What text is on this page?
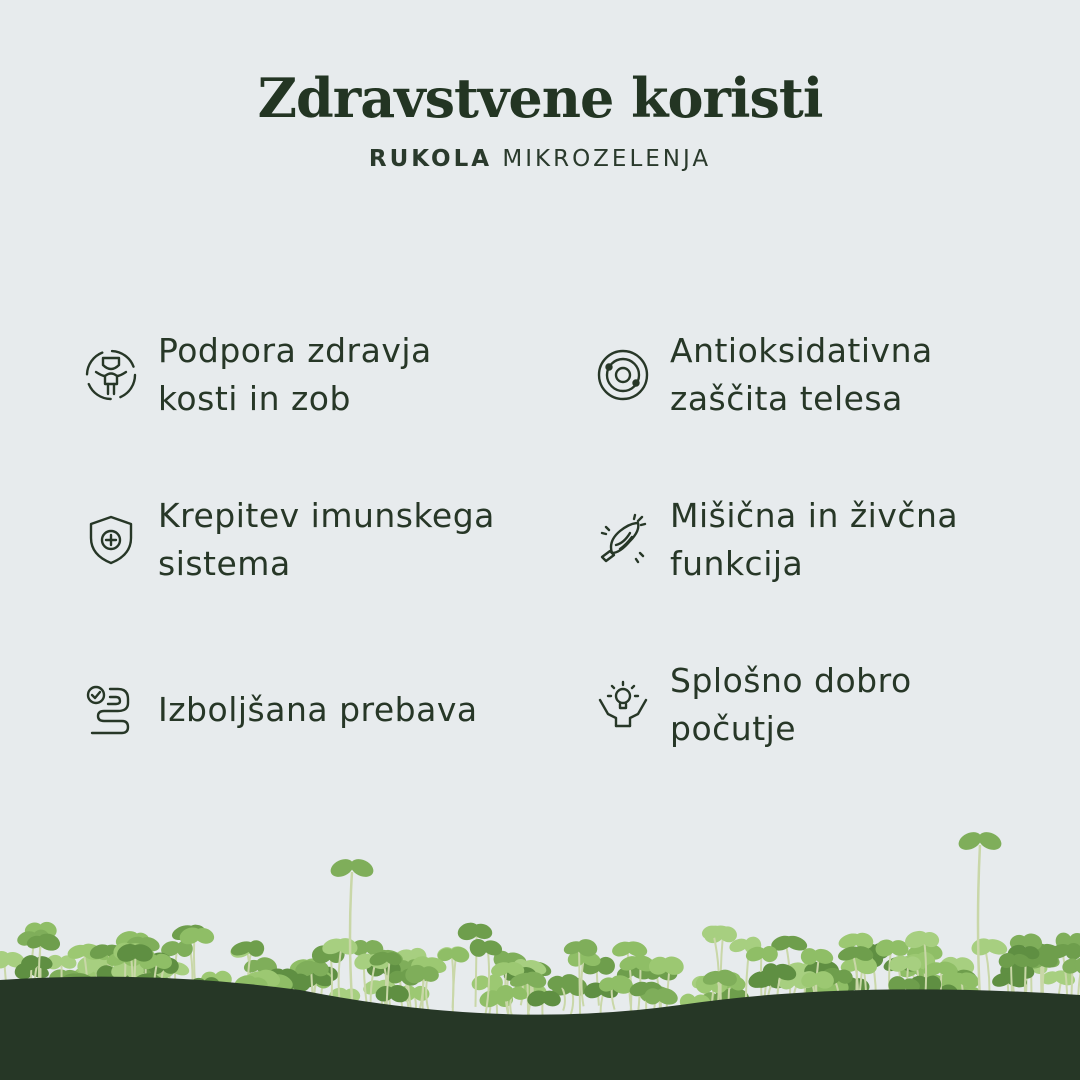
Zdravstvene koristi
RUKOLA MIKROZELENJA
Podpora zdravja
kosti in zob
Antioksidativna
zaščita telesa
Krepitev imunskega
sistema
Mišična in živčna
funkcija
Izboljšana prebava
Splošno dobro
počutje
